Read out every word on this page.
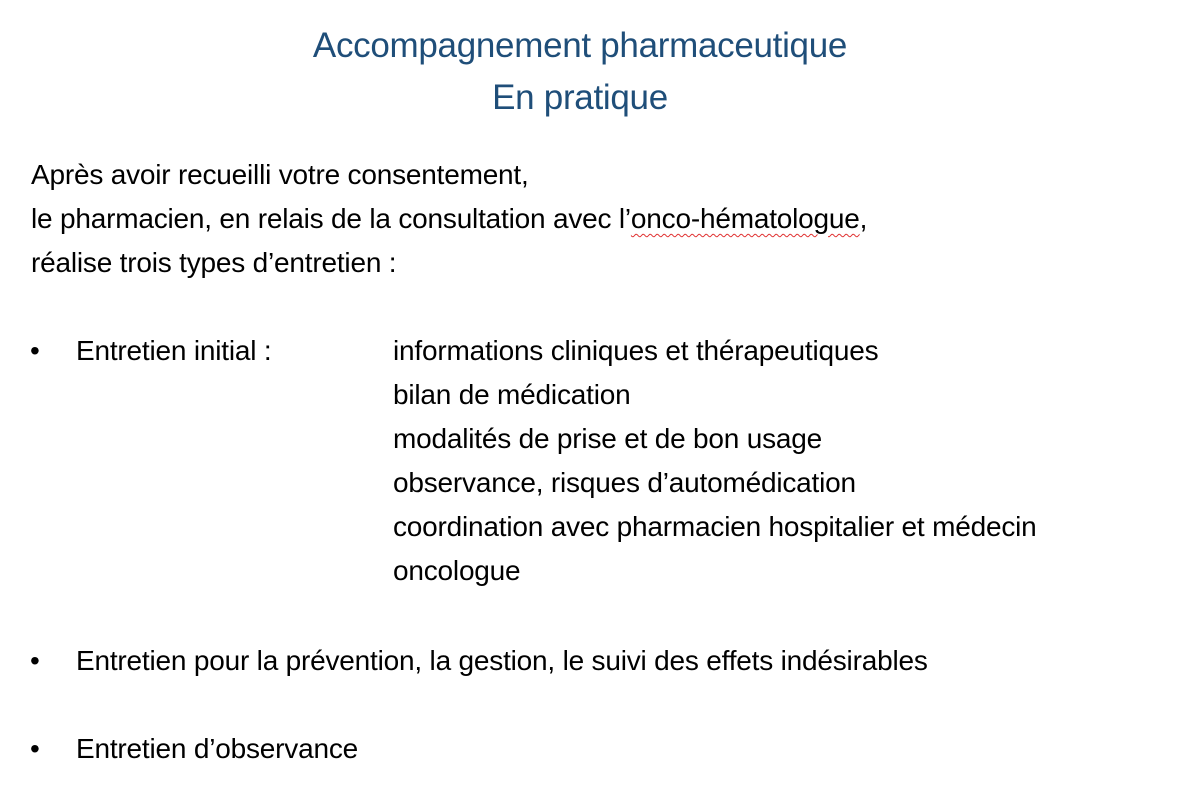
Accompagnement pharmaceutique
En pratique
Après avoir recueilli votre consentement,
le pharmacien, en relais de la consultation avec l’onco-hématologue,
réalise trois types d’entretien :
•	Entretien initial :	informations cliniques et thérapeutiques
bilan de médication
modalités de prise et de bon usage
observance, risques d’automédication
coordination avec pharmacien hospitalier et médecin
oncologue
•	Entretien pour la prévention, la gestion, le suivi des effets indésirables
•	Entretien d’observance
